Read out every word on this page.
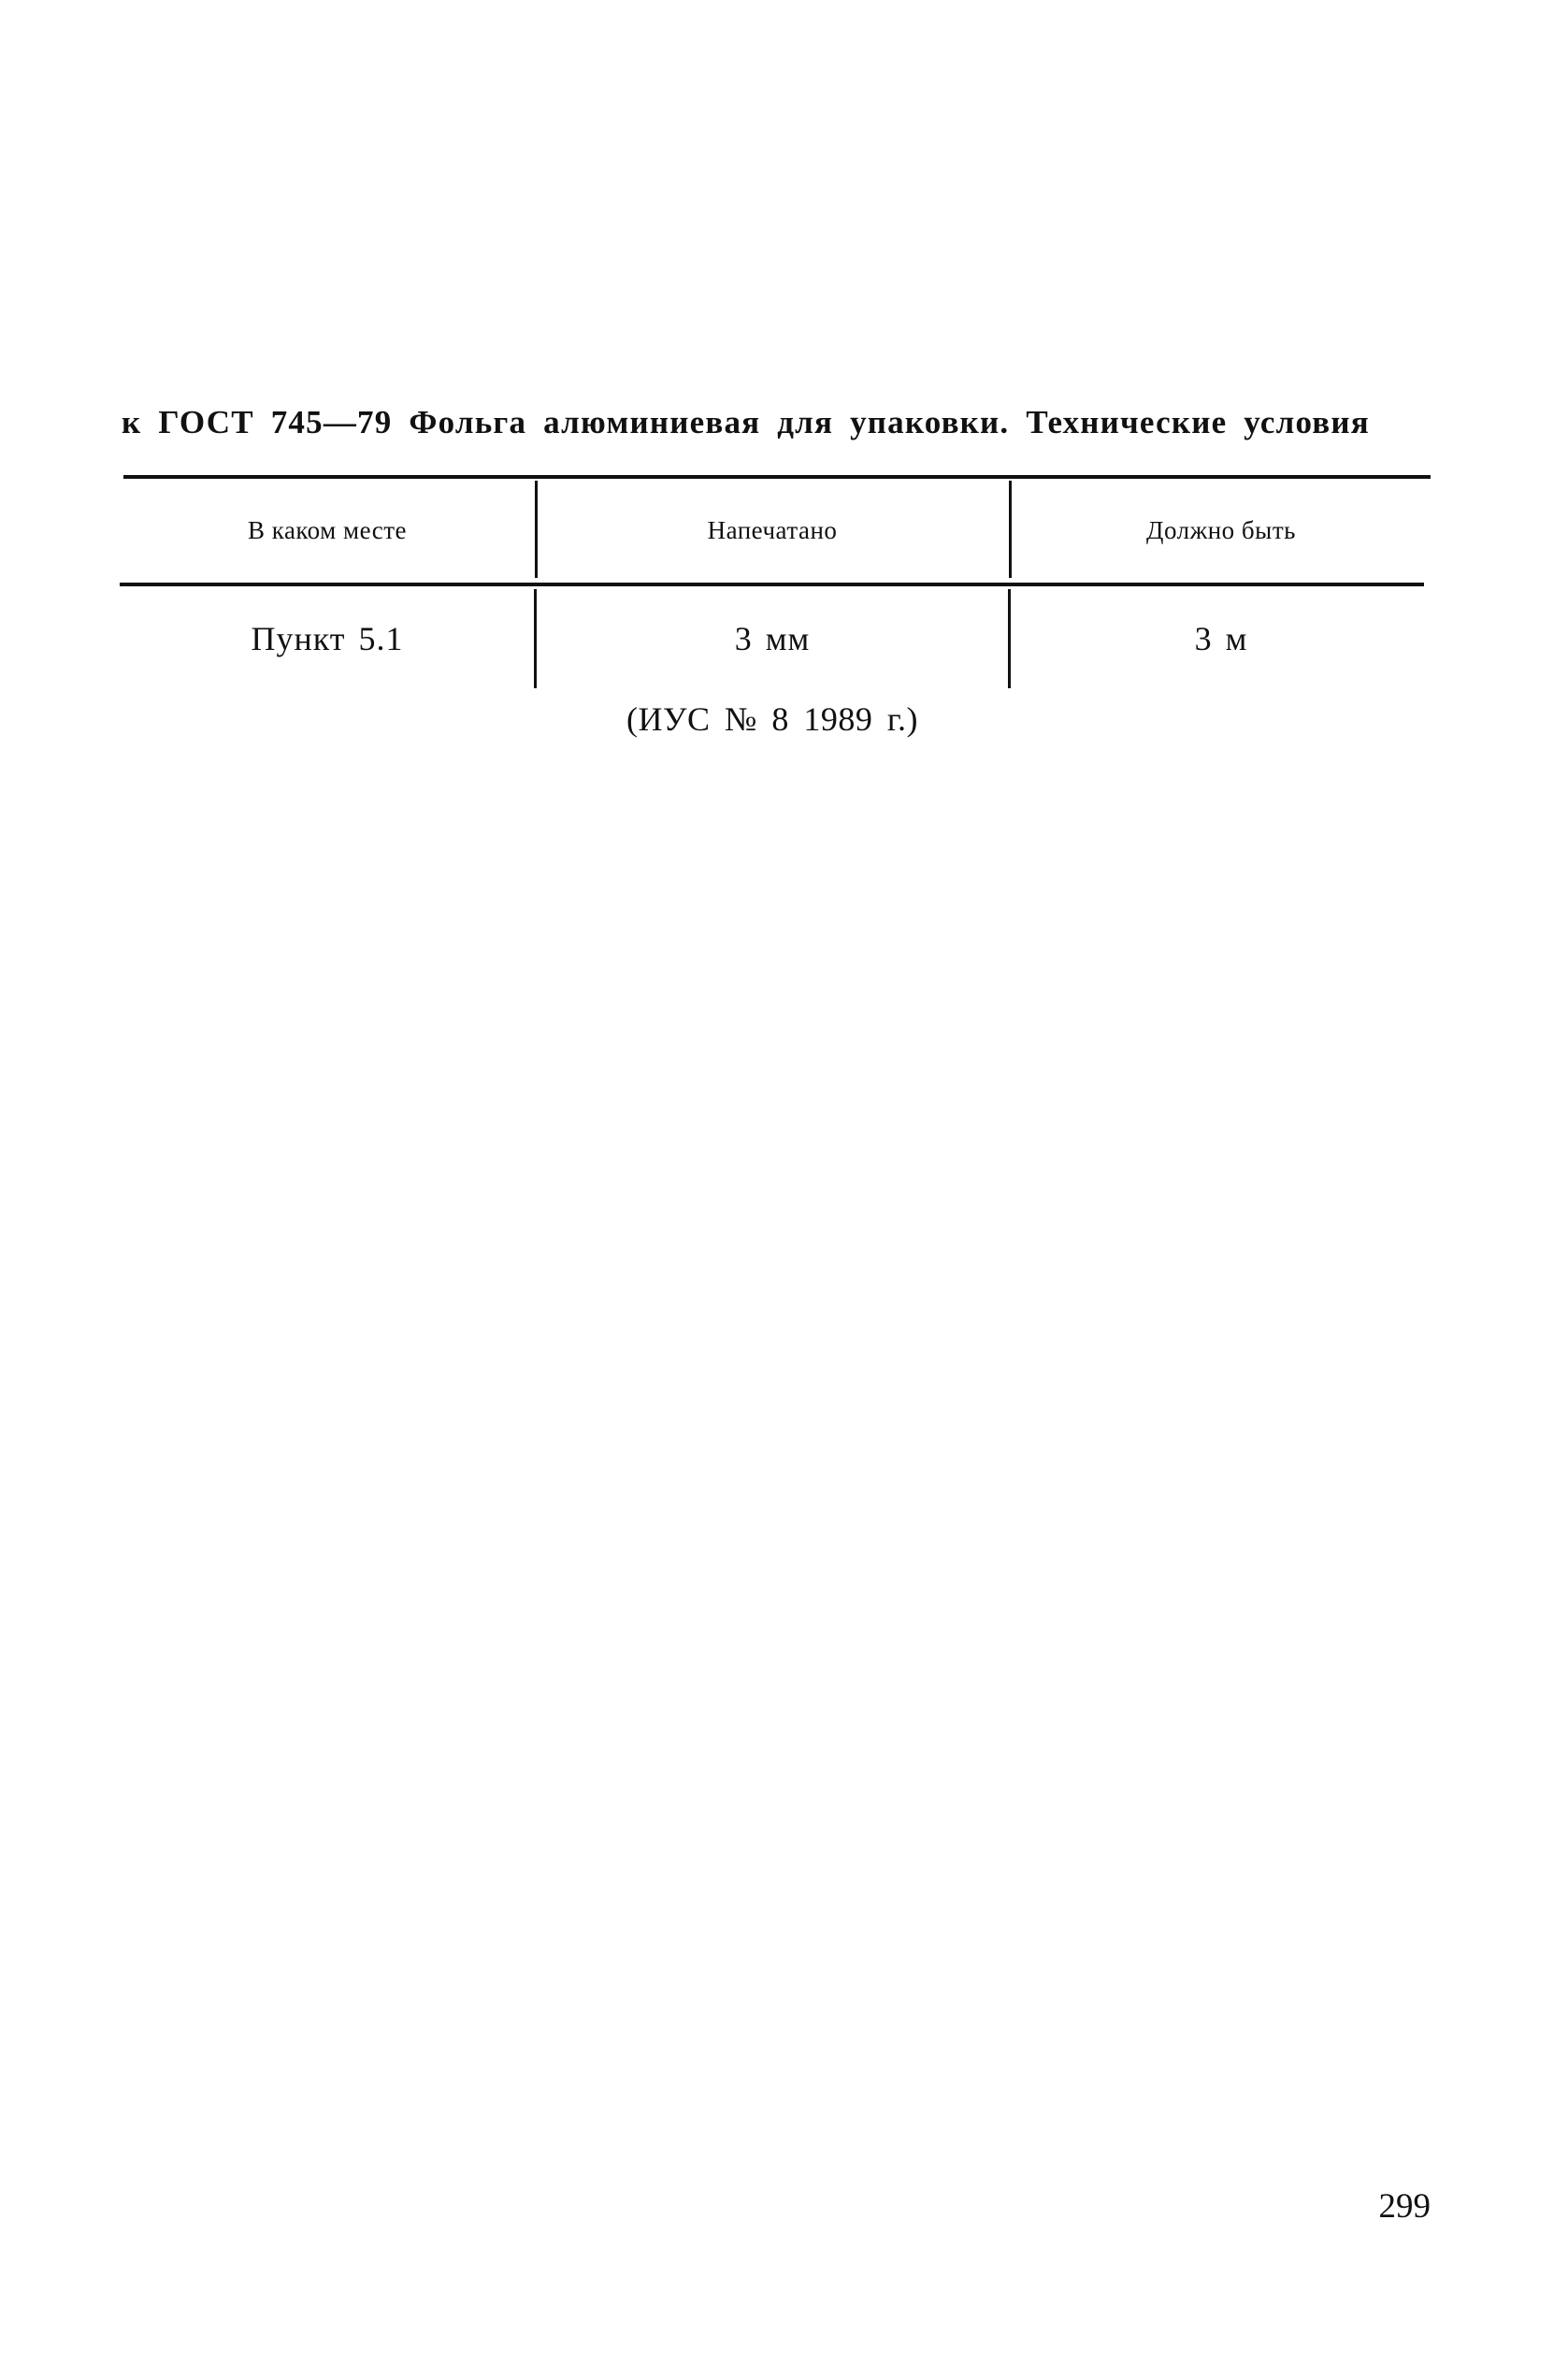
к ГОСТ 745—79 Фольга алюминиевая для упаковки. Технические условия
В каком месте	Напечатано	Должно быть
Пункт 5.1	3 мм	3 м
(ИУС № 8 1989 г.)
299
